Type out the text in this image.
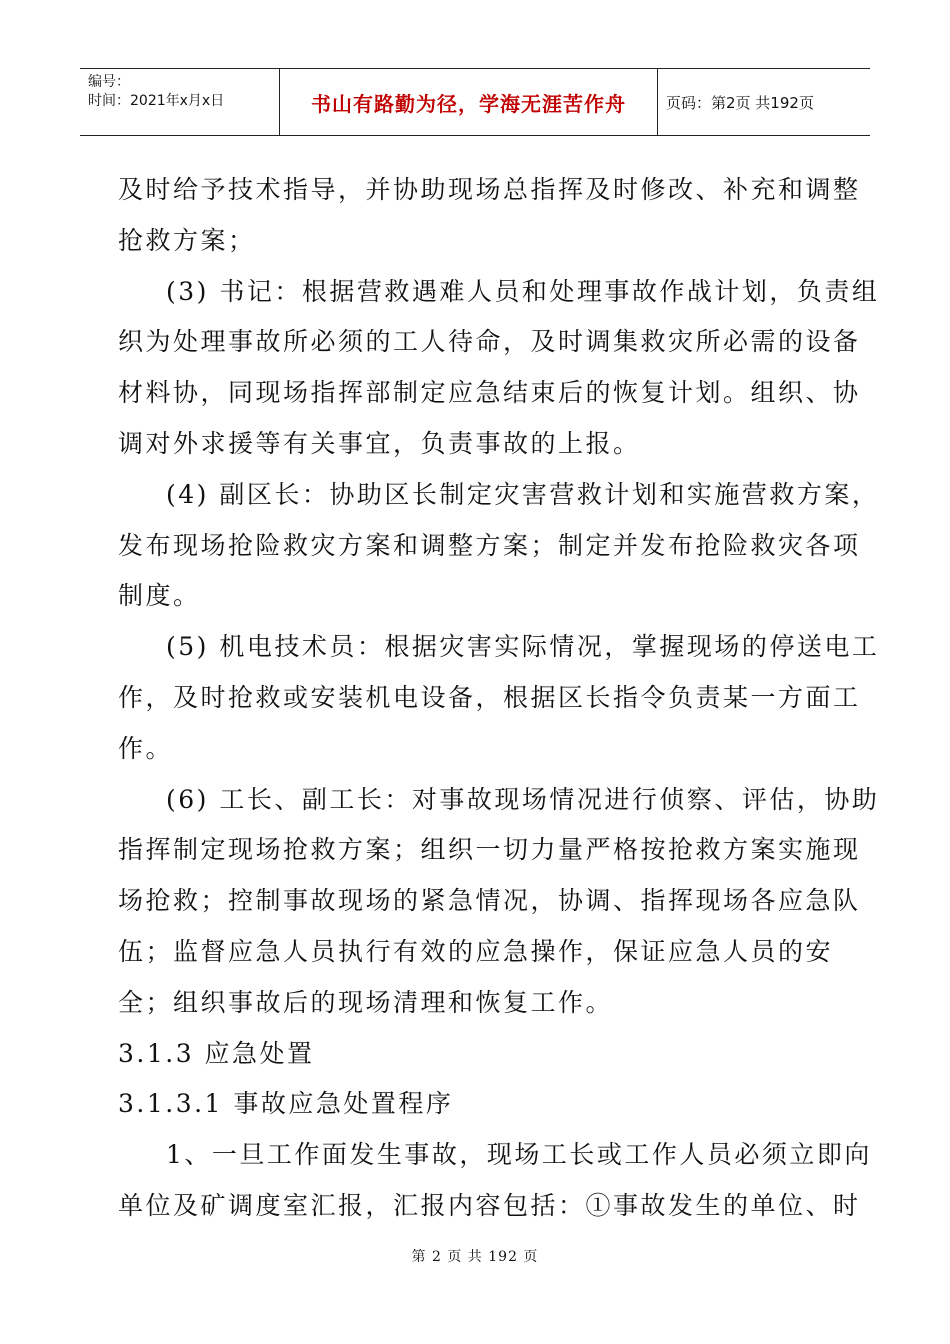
编号：
时间：2021年x月x日	书山有路勤为径，学海无涯苦作舟	页码：第2页 共192页
及时给予技术指导，并协助现场总指挥及时修改、补充和调整
抢救方案；
(3) 书记：根据营救遇难人员和处理事故作战计划，负责组
织为处理事故所必须的工人待命，及时调集救灾所必需的设备
材料协，同现场指挥部制定应急结束后的恢复计划。组织、协
调对外求援等有关事宜，负责事故的上报。
(4) 副区长：协助区长制定灾害营救计划和实施营救方案，
发布现场抢险救灾方案和调整方案；制定并发布抢险救灾各项
制度。
(5) 机电技术员：根据灾害实际情况，掌握现场的停送电工
作，及时抢救或安装机电设备，根据区长指令负责某一方面工
作。
(6) 工长、副工长：对事故现场情况进行侦察、评估，协助
指挥制定现场抢救方案；组织一切力量严格按抢救方案实施现
场抢救；控制事故现场的紧急情况，协调、指挥现场各应急队
伍；监督应急人员执行有效的应急操作，保证应急人员的安
全；组织事故后的现场清理和恢复工作。
3.1.3 应急处置
3.1.3.1 事故应急处置程序
1、一旦工作面发生事故，现场工长或工作人员必须立即向
单位及矿调度室汇报，汇报内容包括：①事故发生的单位、时
第 2 页 共 192 页
